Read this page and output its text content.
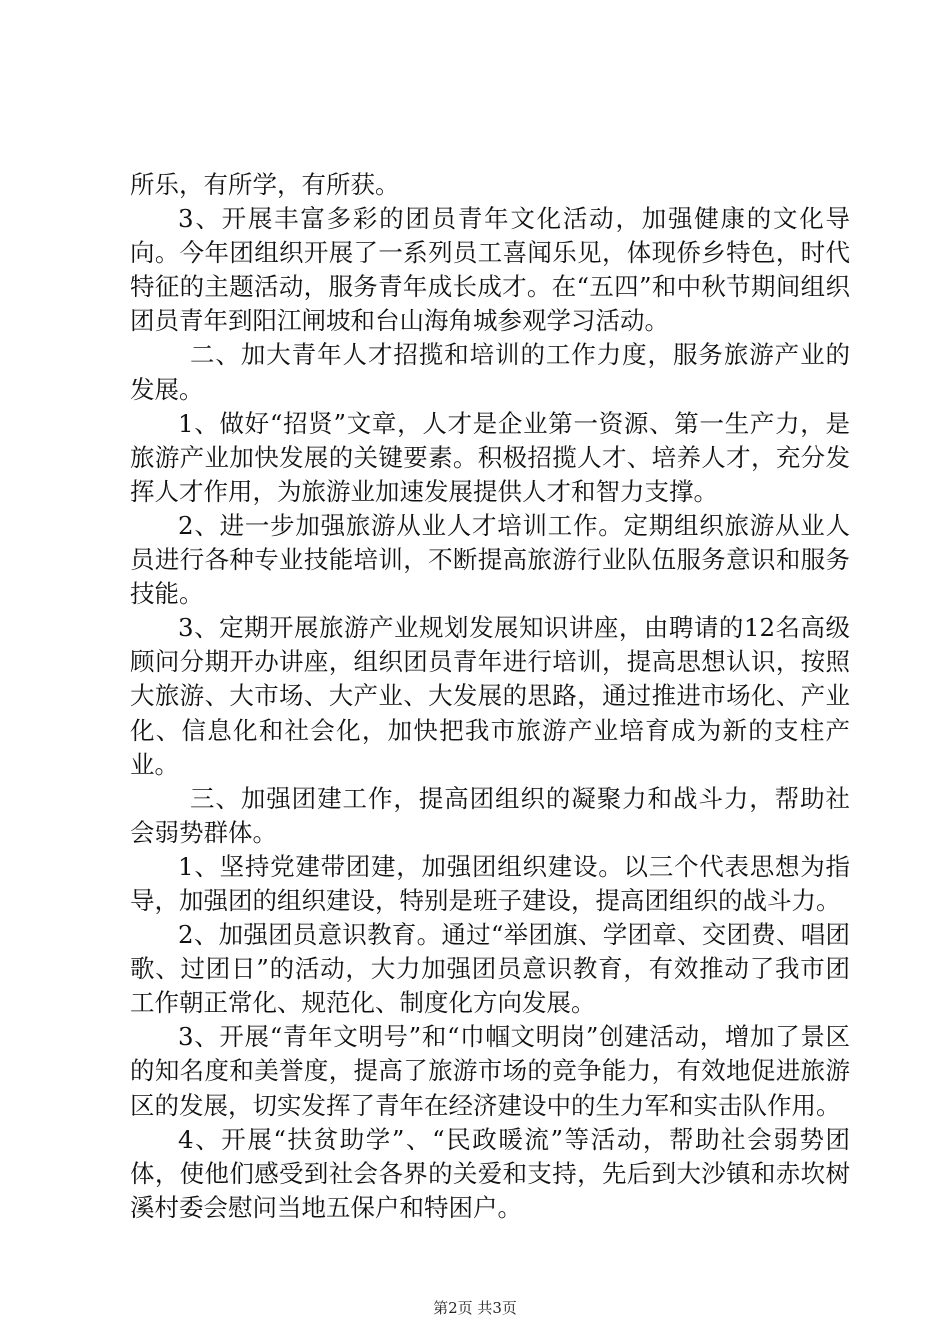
所乐，有所学，有所获。

3、开展丰富多彩的团员青年文化活动，加强健康的文化导向。今年团组织开展了一系列员工喜闻乐见，体现侨乡特色，时代特征的主题活动，服务青年成长成才。在“五四”和中秋节期间组织团员青年到阳江闸坡和台山海角城参观学习活动。

二、加大青年人才招揽和培训的工作力度，服务旅游产业的发展。

1、做好“招贤”文章，人才是企业第一资源、第一生产力，是旅游产业加快发展的关键要素。积极招揽人才、培养人才，充分发挥人才作用，为旅游业加速发展提供人才和智力支撑。

2、进一步加强旅游从业人才培训工作。定期组织旅游从业人员进行各种专业技能培训，不断提高旅游行业队伍服务意识和服务技能。

3、定期开展旅游产业规划发展知识讲座，由聘请的12名高级顾问分期开办讲座，组织团员青年进行培训，提高思想认识，按照大旅游、大市场、大产业、大发展的思路，通过推进市场化、产业化、信息化和社会化，加快把我市旅游产业培育成为新的支柱产业。

三、加强团建工作，提高团组织的凝聚力和战斗力，帮助社会弱势群体。

1、坚持党建带团建，加强团组织建设。以三个代表思想为指导，加强团的组织建设，特别是班子建设，提高团组织的战斗力。

2、加强团员意识教育。通过“举团旗、学团章、交团费、唱团歌、过团日”的活动，大力加强团员意识教育，有效推动了我市团工作朝正常化、规范化、制度化方向发展。

3、开展“青年文明号”和“巾帼文明岗”创建活动，增加了景区的知名度和美誉度，提高了旅游市场的竞争能力，有效地促进旅游区的发展，切实发挥了青年在经济建设中的生力军和实击队作用。

4、开展“扶贫助学”、“民政暖流”等活动，帮助社会弱势团体，使他们感受到社会各界的关爱和支持，先后到大沙镇和赤坎树溪村委会慰问当地五保户和特困户。

第2页 共3页
